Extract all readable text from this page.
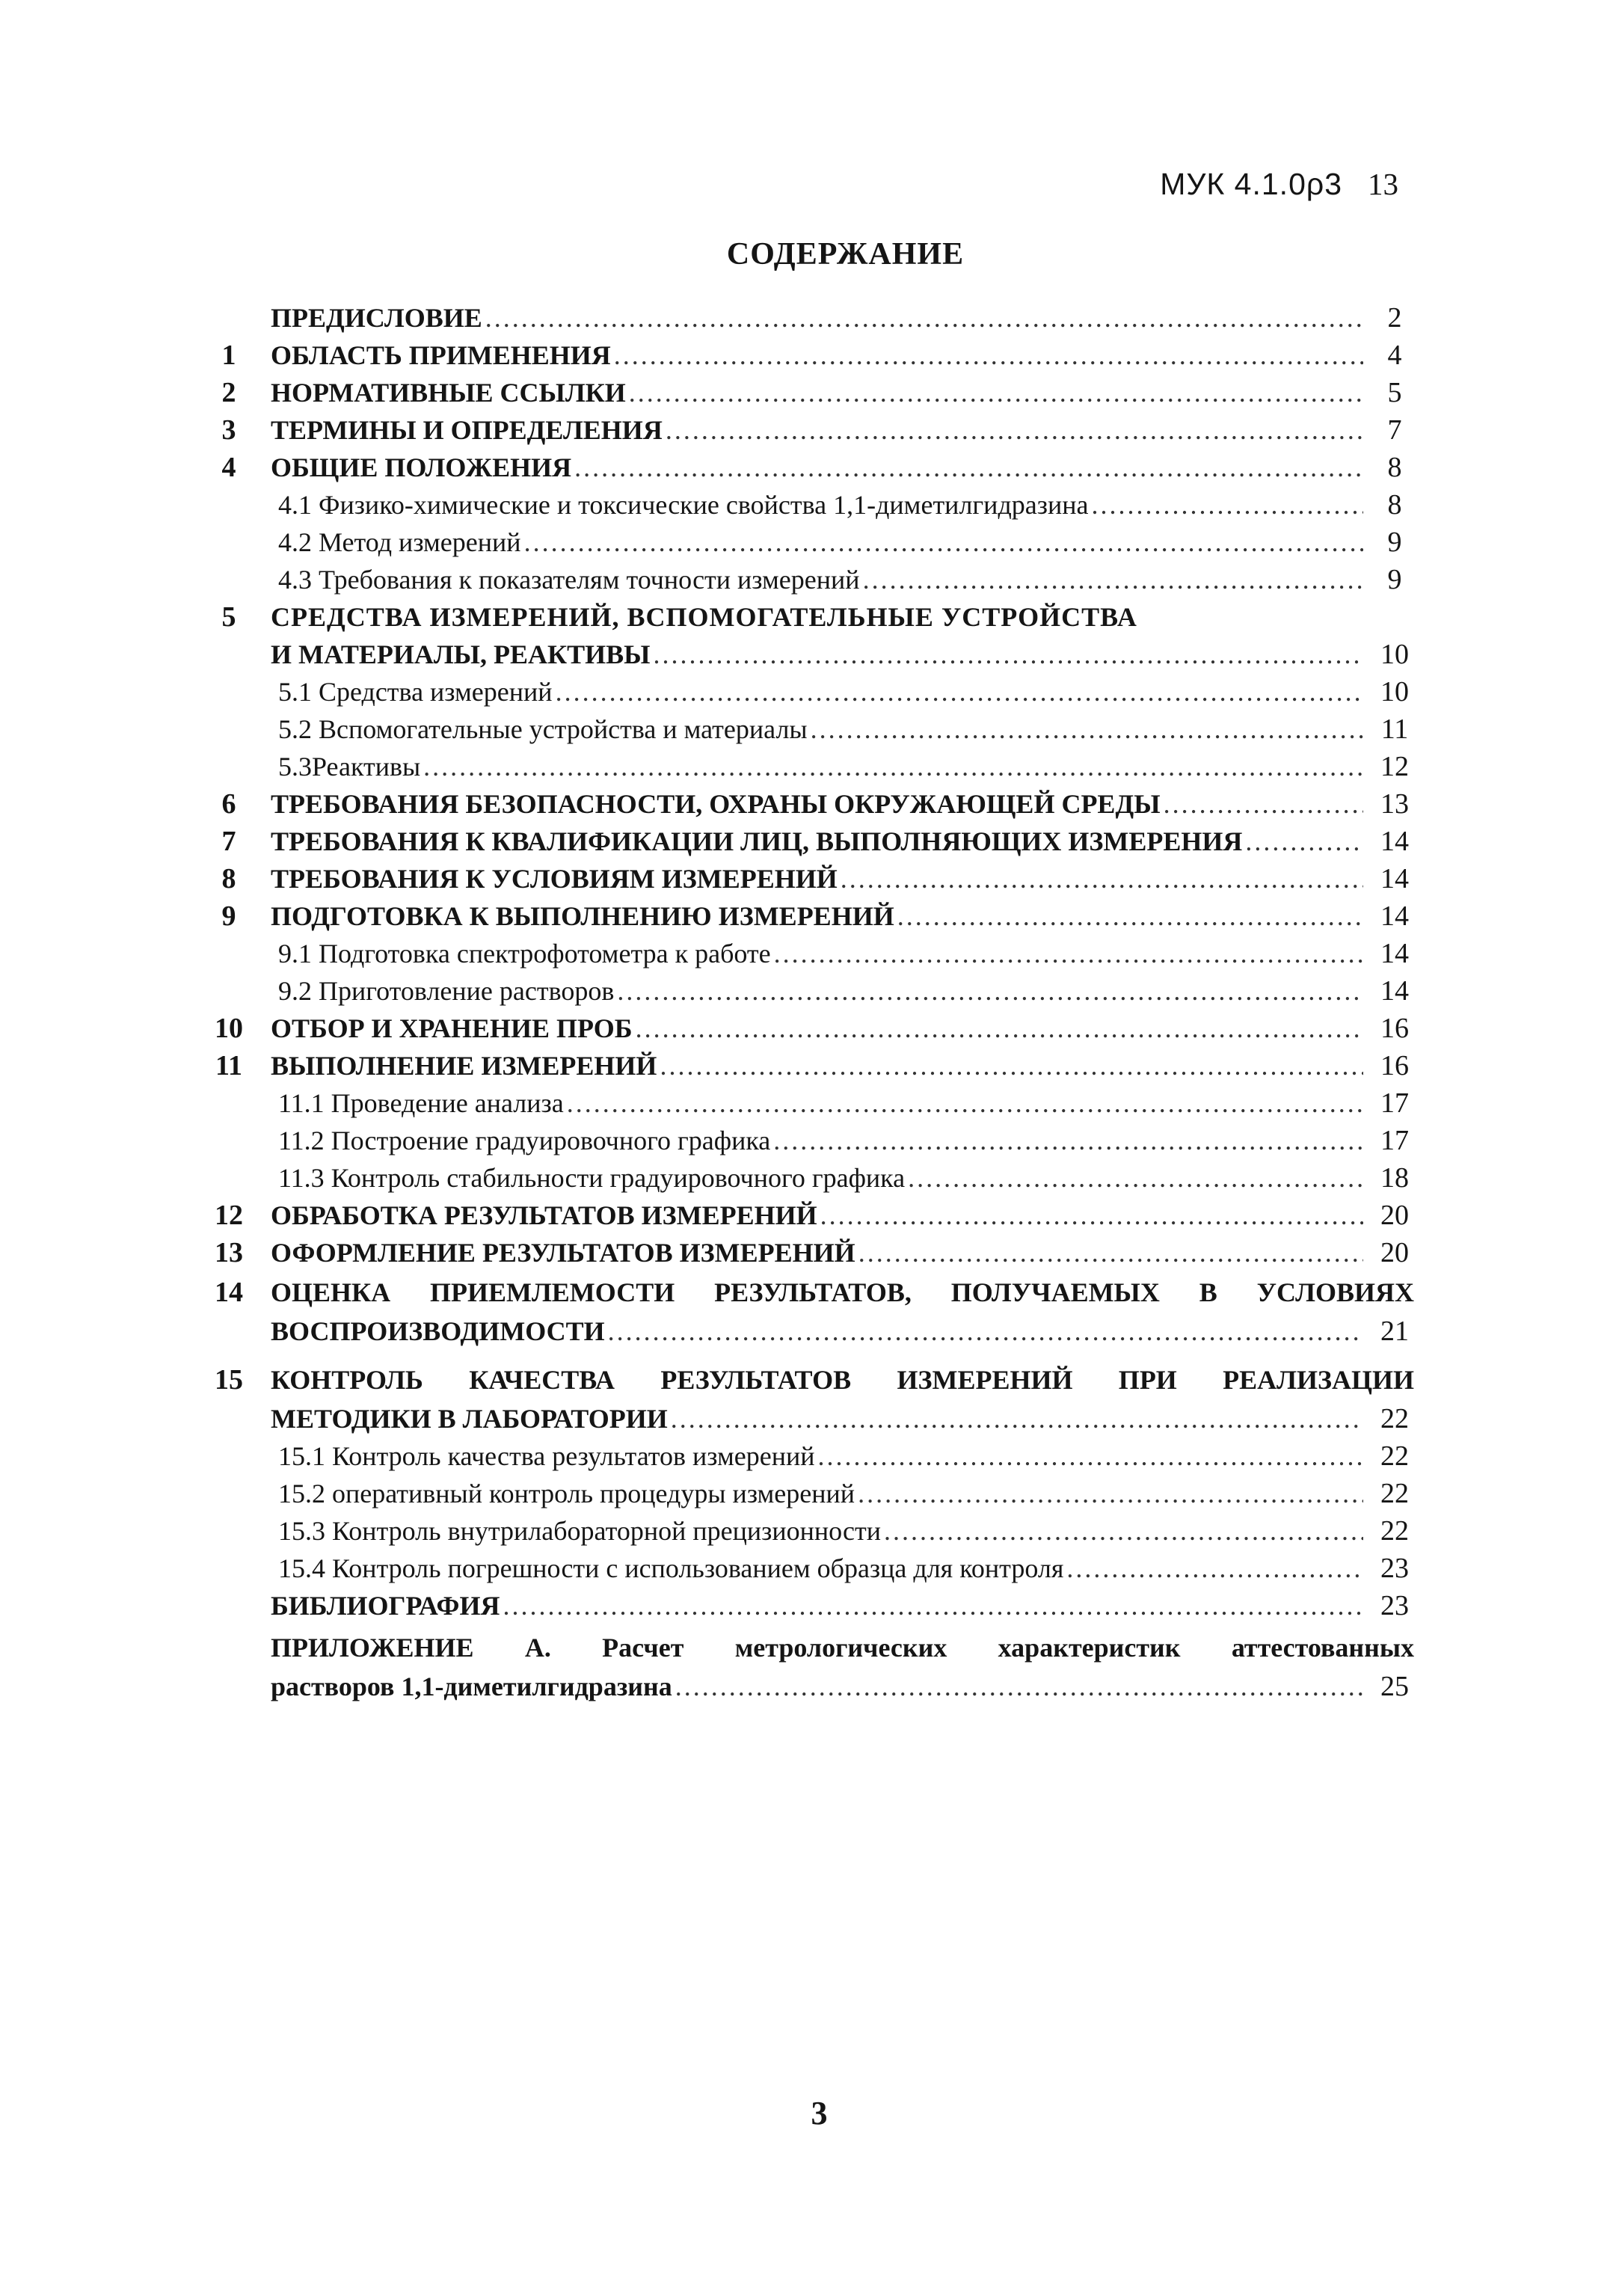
МУК 4.1.0ρ3 13
СОДЕРЖАНИЕ
ПРЕДИСЛОВИЕ .....	2
1	ОБЛАСТЬ ПРИМЕНЕНИЯ .....	4
2	НОРМАТИВНЫЕ ССЫЛКИ .....	5
3	ТЕРМИНЫ И ОПРЕДЕЛЕНИЯ .....	7
4	ОБЩИЕ ПОЛОЖЕНИЯ .....	8
4.1 Физико-химические и токсические свойства 1,1-диметилгидразина .....	8
4.2 Метод измерений .....	9
4.3 Требования к показателям точности измерений .....	9
5	СРЕДСТВА ИЗМЕРЕНИЙ, ВСПОМОГАТЕЛЬНЫЕ УСТРОЙСТВА
И МАТЕРИАЛЫ, РЕАКТИВЫ .....	10
5.1 Средства измерений .....	10
5.2 Вспомогательные устройства и материалы .....	11
5.3Реактивы .....	12
6	ТРЕБОВАНИЯ БЕЗОПАСНОСТИ, ОХРАНЫ ОКРУЖАЮЩЕЙ СРЕДЫ .....	13
7	ТРЕБОВАНИЯ К КВАЛИФИКАЦИИ ЛИЦ, ВЫПОЛНЯЮЩИХ ИЗМЕРЕНИЯ .....	14
8	ТРЕБОВАНИЯ К УСЛОВИЯМ ИЗМЕРЕНИЙ .....	14
9	ПОДГОТОВКА К ВЫПОЛНЕНИЮ ИЗМЕРЕНИЙ .....	14
9.1 Подготовка спектрофотометра к работе .....	14
9.2 Приготовление растворов .....	14
10 ОТБОР И ХРАНЕНИЕ ПРОБ .....	16
11 ВЫПОЛНЕНИЕ ИЗМЕРЕНИЙ .....	16
11.1 Проведение анализа .....	17
11.2 Построение градуировочного графика .....	17
11.3 Контроль стабильности градуировочного графика .....	18
12 ОБРАБОТКА РЕЗУЛЬТАТОВ ИЗМЕРЕНИЙ .....	20
13 ОФОРМЛЕНИЕ РЕЗУЛЬТАТОВ ИЗМЕРЕНИЙ .....	20
14 ОЦЕНКА ПРИЕМЛЕМОСТИ РЕЗУЛЬТАТОВ, ПОЛУЧАЕМЫХ В УСЛОВИЯХ
ВОСПРОИЗВОДИМОСТИ .....	21
15 КОНТРОЛЬ КАЧЕСТВА РЕЗУЛЬТАТОВ ИЗМЕРЕНИЙ ПРИ РЕАЛИЗАЦИИ
МЕТОДИКИ В ЛАБОРАТОРИИ .....	22
15.1 Контроль качества результатов измерений .....	22
15.2 оперативный контроль процедуры измерений .....	22
15.3 Контроль внутрилабораторной прецизионности .....	22
15.4 Контроль погрешности с использованием образца для контроля .....	23
БИБЛИОГРАФИЯ .....	23
ПРИЛОЖЕНИЕ А. Расчет метрологических характеристик аттестованных
растворов 1,1-диметилгидразина .....	25
3
